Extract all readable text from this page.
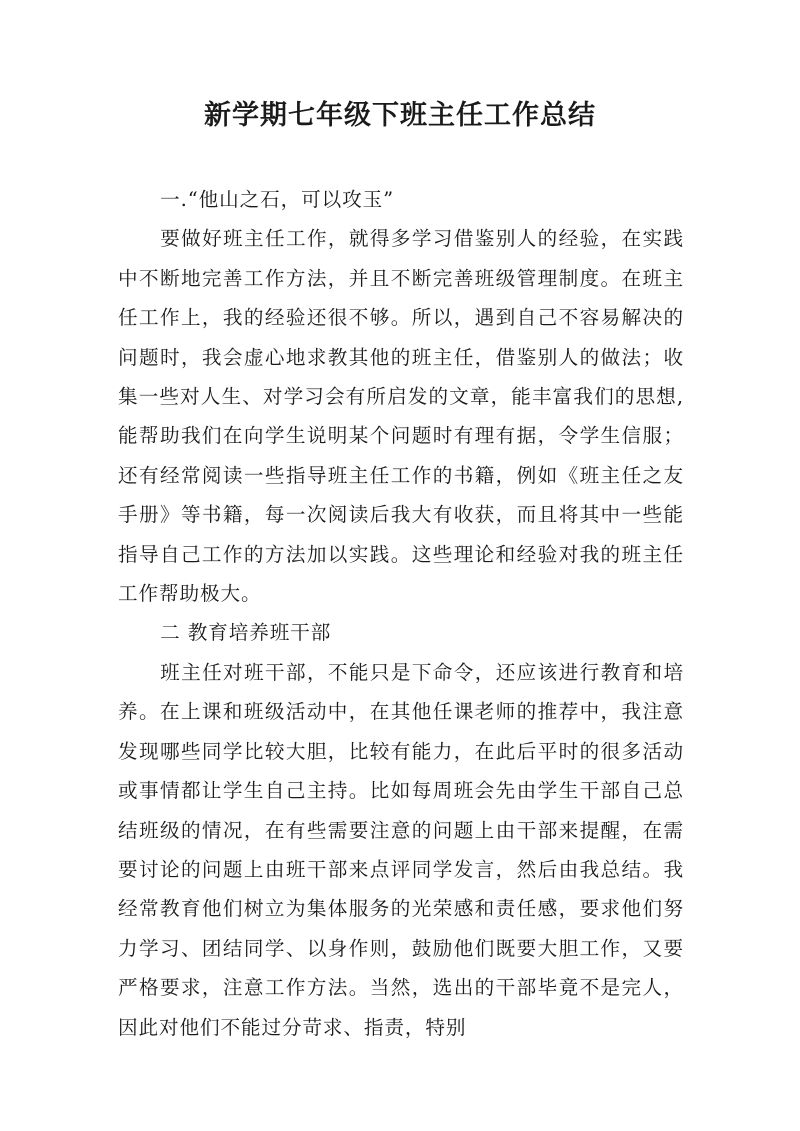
新学期七年级下班主任工作总结

一.“他山之石，可以攻玉”

要做好班主任工作，就得多学习借鉴别人的经验，在实践中不断地完善工作方法，并且不断完善班级管理制度。在班主任工作上，我的经验还很不够。所以，遇到自己不容易解决的问题时，我会虚心地求教其他的班主任，借鉴别人的做法；收集一些对人生、对学习会有所启发的文章，能丰富我们的思想,能帮助我们在向学生说明某个问题时有理有据，令学生信服；还有经常阅读一些指导班主任工作的书籍，例如《班主任之友手册》等书籍，每一次阅读后我大有收获，而且将其中一些能指导自己工作的方法加以实践。这些理论和经验对我的班主任工作帮助极大。

二 教育培养班干部

班主任对班干部，不能只是下命令，还应该进行教育和培养。在上课和班级活动中，在其他任课老师的推荐中，我注意发现哪些同学比较大胆，比较有能力，在此后平时的很多活动或事情都让学生自己主持。比如每周班会先由学生干部自己总结班级的情况，在有些需要注意的问题上由干部来提醒，在需要讨论的问题上由班干部来点评同学发言，然后由我总结。我经常教育他们树立为集体服务的光荣感和责任感，要求他们努力学习、团结同学、以身作则，鼓励他们既要大胆工作，又要严格要求，注意工作方法。当然，选出的干部毕竟不是完人，因此对他们不能过分苛求、指责，特别
